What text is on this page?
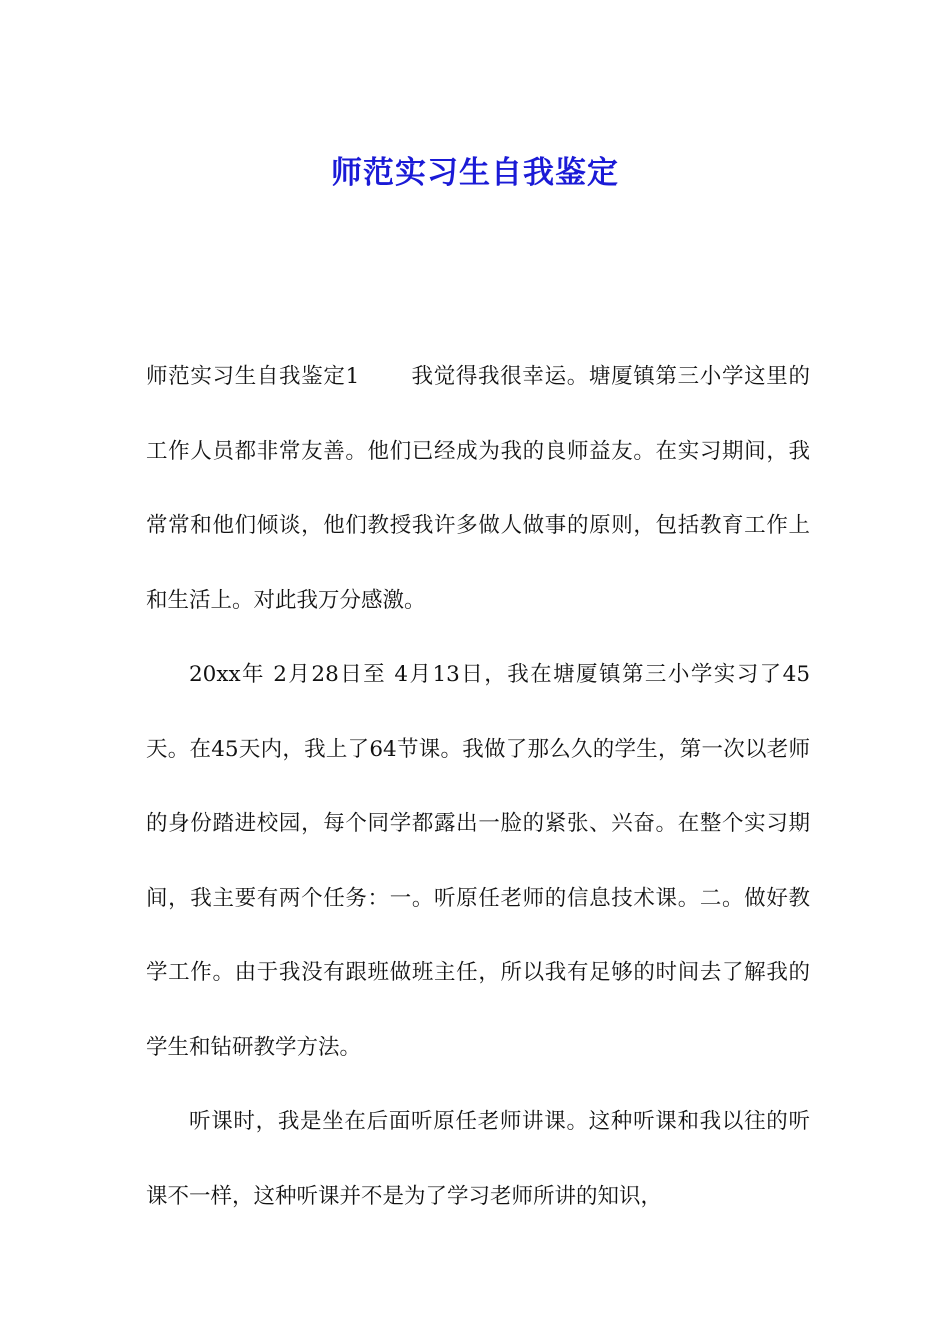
师范实习生自我鉴定

师范实习生自我鉴定1 我觉得我很幸运。塘厦镇第三小学这里的工作人员都非常友善。他们已经成为我的良师益友。在实习期间，我常常和他们倾谈，他们教授我许多做人做事的原则，包括教育工作上和生活上。对此我万分感激。

20xx年 2月28日至 4月13日，我在塘厦镇第三小学实习了45天。在45天内，我上了64节课。我做了那么久的学生，第一次以老师的身份踏进校园，每个同学都露出一脸的紧张、兴奋。在整个实习期间，我主要有两个任务：一。听原任老师的信息技术课。二。做好教学工作。由于我没有跟班做班主任，所以我有足够的时间去了解我的学生和钻研教学方法。

听课时，我是坐在后面听原任老师讲课。这种听课和我以往的听课不一样，这种听课并不是为了学习老师所讲的知识，
